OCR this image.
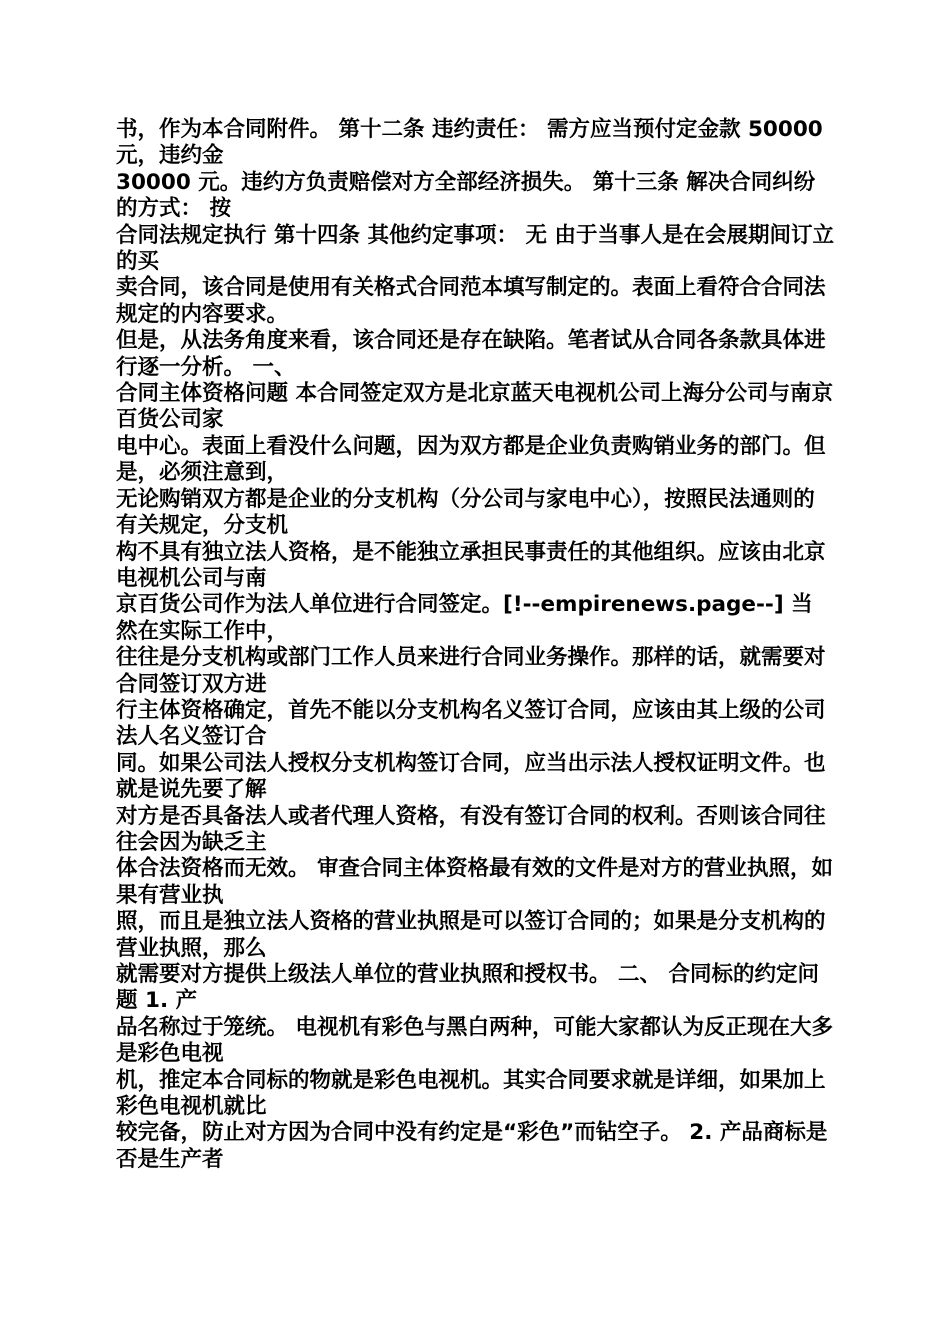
书，作为本合同附件。 第十二条 违约责任： 需方应当预付定金款 50000 元，违约金

30000 元。违约方负责赔偿对方全部经济损失。 第十三条 解决合同纠纷的方式： 按

合同法规定执行 第十四条 其他约定事项： 无 由于当事人是在会展期间订立的买

卖合同，该合同是使用有关格式合同范本填写制定的。表面上看符合合同法规定的内容要求。

但是，从法务角度来看，该合同还是存在缺陷。笔者试从合同各条款具体进行逐一分析。 一、

合同主体资格问题 本合同签定双方是北京蓝天电视机公司上海分公司与南京百货公司家

电中心。表面上看没什么问题，因为双方都是企业负责购销业务的部门。但是，必须注意到，

无论购销双方都是企业的分支机构（分公司与家电中心），按照民法通则的有关规定，分支机

构不具有独立法人资格，是不能独立承担民事责任的其他组织。应该由北京电视机公司与南

京百货公司作为法人单位进行合同签定。[!--empirenews.page--] 当然在实际工作中，

往往是分支机构或部门工作人员来进行合同业务操作。那样的话，就需要对合同签订双方进

行主体资格确定，首先不能以分支机构名义签订合同，应该由其上级的公司法人名义签订合

同。如果公司法人授权分支机构签订合同，应当出示法人授权证明文件。也就是说先要了解

对方是否具备法人或者代理人资格，有没有签订合同的权利。否则该合同往往会因为缺乏主

体合法资格而无效。 审查合同主体资格最有效的文件是对方的营业执照，如果有营业执

照，而且是独立法人资格的营业执照是可以签订合同的；如果是分支机构的营业执照，那么

就需要对方提供上级法人单位的营业执照和授权书。 二、 合同标的约定问题 1. 产

品名称过于笼统。 电视机有彩色与黑白两种，可能大家都认为反正现在大多是彩色电视

机，推定本合同标的物就是彩色电视机。其实合同要求就是详细，如果加上彩色电视机就比

较完备，防止对方因为合同中没有约定是“彩色”而钻空子。 2. 产品商标是否是生产者
